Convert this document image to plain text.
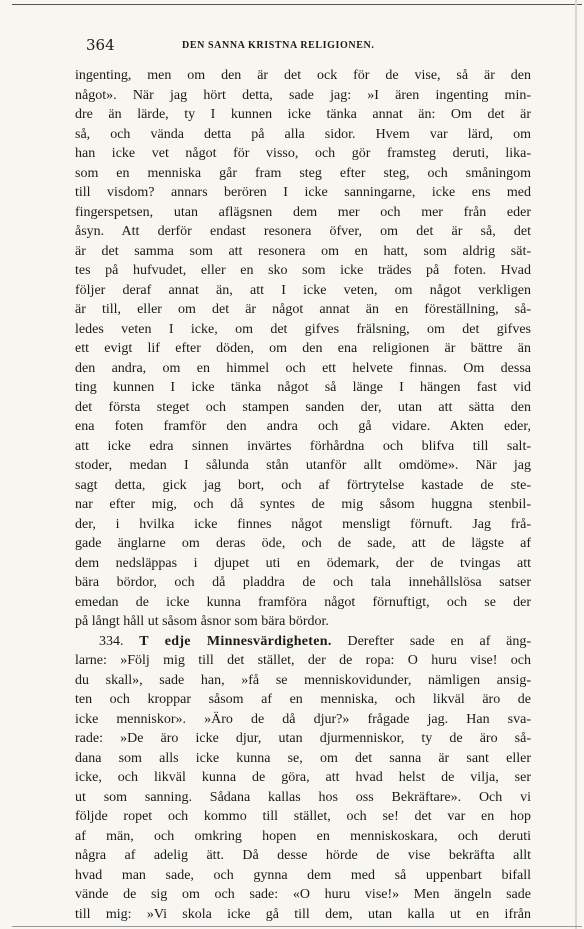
364	DEN SANNA KRISTNA RELIGIONEN.
ingenting, men om den är det ock för de vise, så är den
något». När jag hört detta, sade jag: »I ären ingenting min-
dre än lärde, ty I kunnen icke tänka annat än: Om det är
så, och vända detta på alla sidor. Hvem var lärd, om
han icke vet något för visso, och gör framsteg deruti, lika-
som en menniska går fram steg efter steg, och småningom
till visdom? annars berören I icke sanningarne, icke ens med
fingerspetsen, utan aflägsnen dem mer och mer från eder
åsyn. Att derför endast resonera öfver, om det är så, det
är det samma som att resonera om en hatt, som aldrig sät-
tes på hufvudet, eller en sko som icke trädes på foten. Hvad
följer deraf annat än, att I icke veten, om något verkligen
är till, eller om det är något annat än en föreställning, så-
ledes veten I icke, om det gifves frälsning, om det gifves
ett evigt lif efter döden, om den ena religionen är bättre än
den andra, om en himmel och ett helvete finnas. Om dessa
ting kunnen I icke tänka något så länge I hängen fast vid
det första steget och stampen sanden der, utan att sätta den
ena foten framför den andra och gå vidare. Akten eder,
att icke edra sinnen invärtes förhårdna och blifva till salt-
stoder, medan I sålunda stån utanför allt omdöme». När jag
sagt detta, gick jag bort, och af förtrytelse kastade de ste-
nar efter mig, och då syntes de mig såsom huggna stenbil-
der, i hvilka icke finnes något mensligt förnuft. Jag frå-
gade änglarne om deras öde, och de sade, att de lägste af
dem nedsläppas i djupet uti en ödemark, der de tvingas att
bära bördor, och då pladdra de och tala innehållslösa satser
emedan de icke kunna framföra något förnuftigt, och se der
på långt håll ut såsom åsnor som bära bördor.
334. T edje Minnesvärdigheten. Derefter sade en af äng-
larne: »Följ mig till det stället, der de ropa: O huru vise! och
du skall», sade han, »få se menniskovidunder, nämligen ansig-
ten och kroppar såsom af en menniska, och likväl äro de
icke menniskor». »Äro de då djur?» frågade jag. Han sva-
rade: »De äro icke djur, utan djurmenniskor, ty de äro så-
dana som alls icke kunna se, om det sanna är sant eller
icke, och likväl kunna de göra, att hvad helst de vilja, ser
ut som sanning. Sådana kallas hos oss Bekräftare». Och vi
följde ropet och kommo till stället, och se! det var en hop
af män, och omkring hopen en menniskoskara, och deruti
några af adelig ätt. Då desse hörde de vise bekräfta allt
hvad man sade, och gynna dem med så uppenbart bifall
vände de sig om och sade: «O huru vise!» Men ängeln sade
till mig: »Vi skola icke gå till dem, utan kalla ut en ifrån
